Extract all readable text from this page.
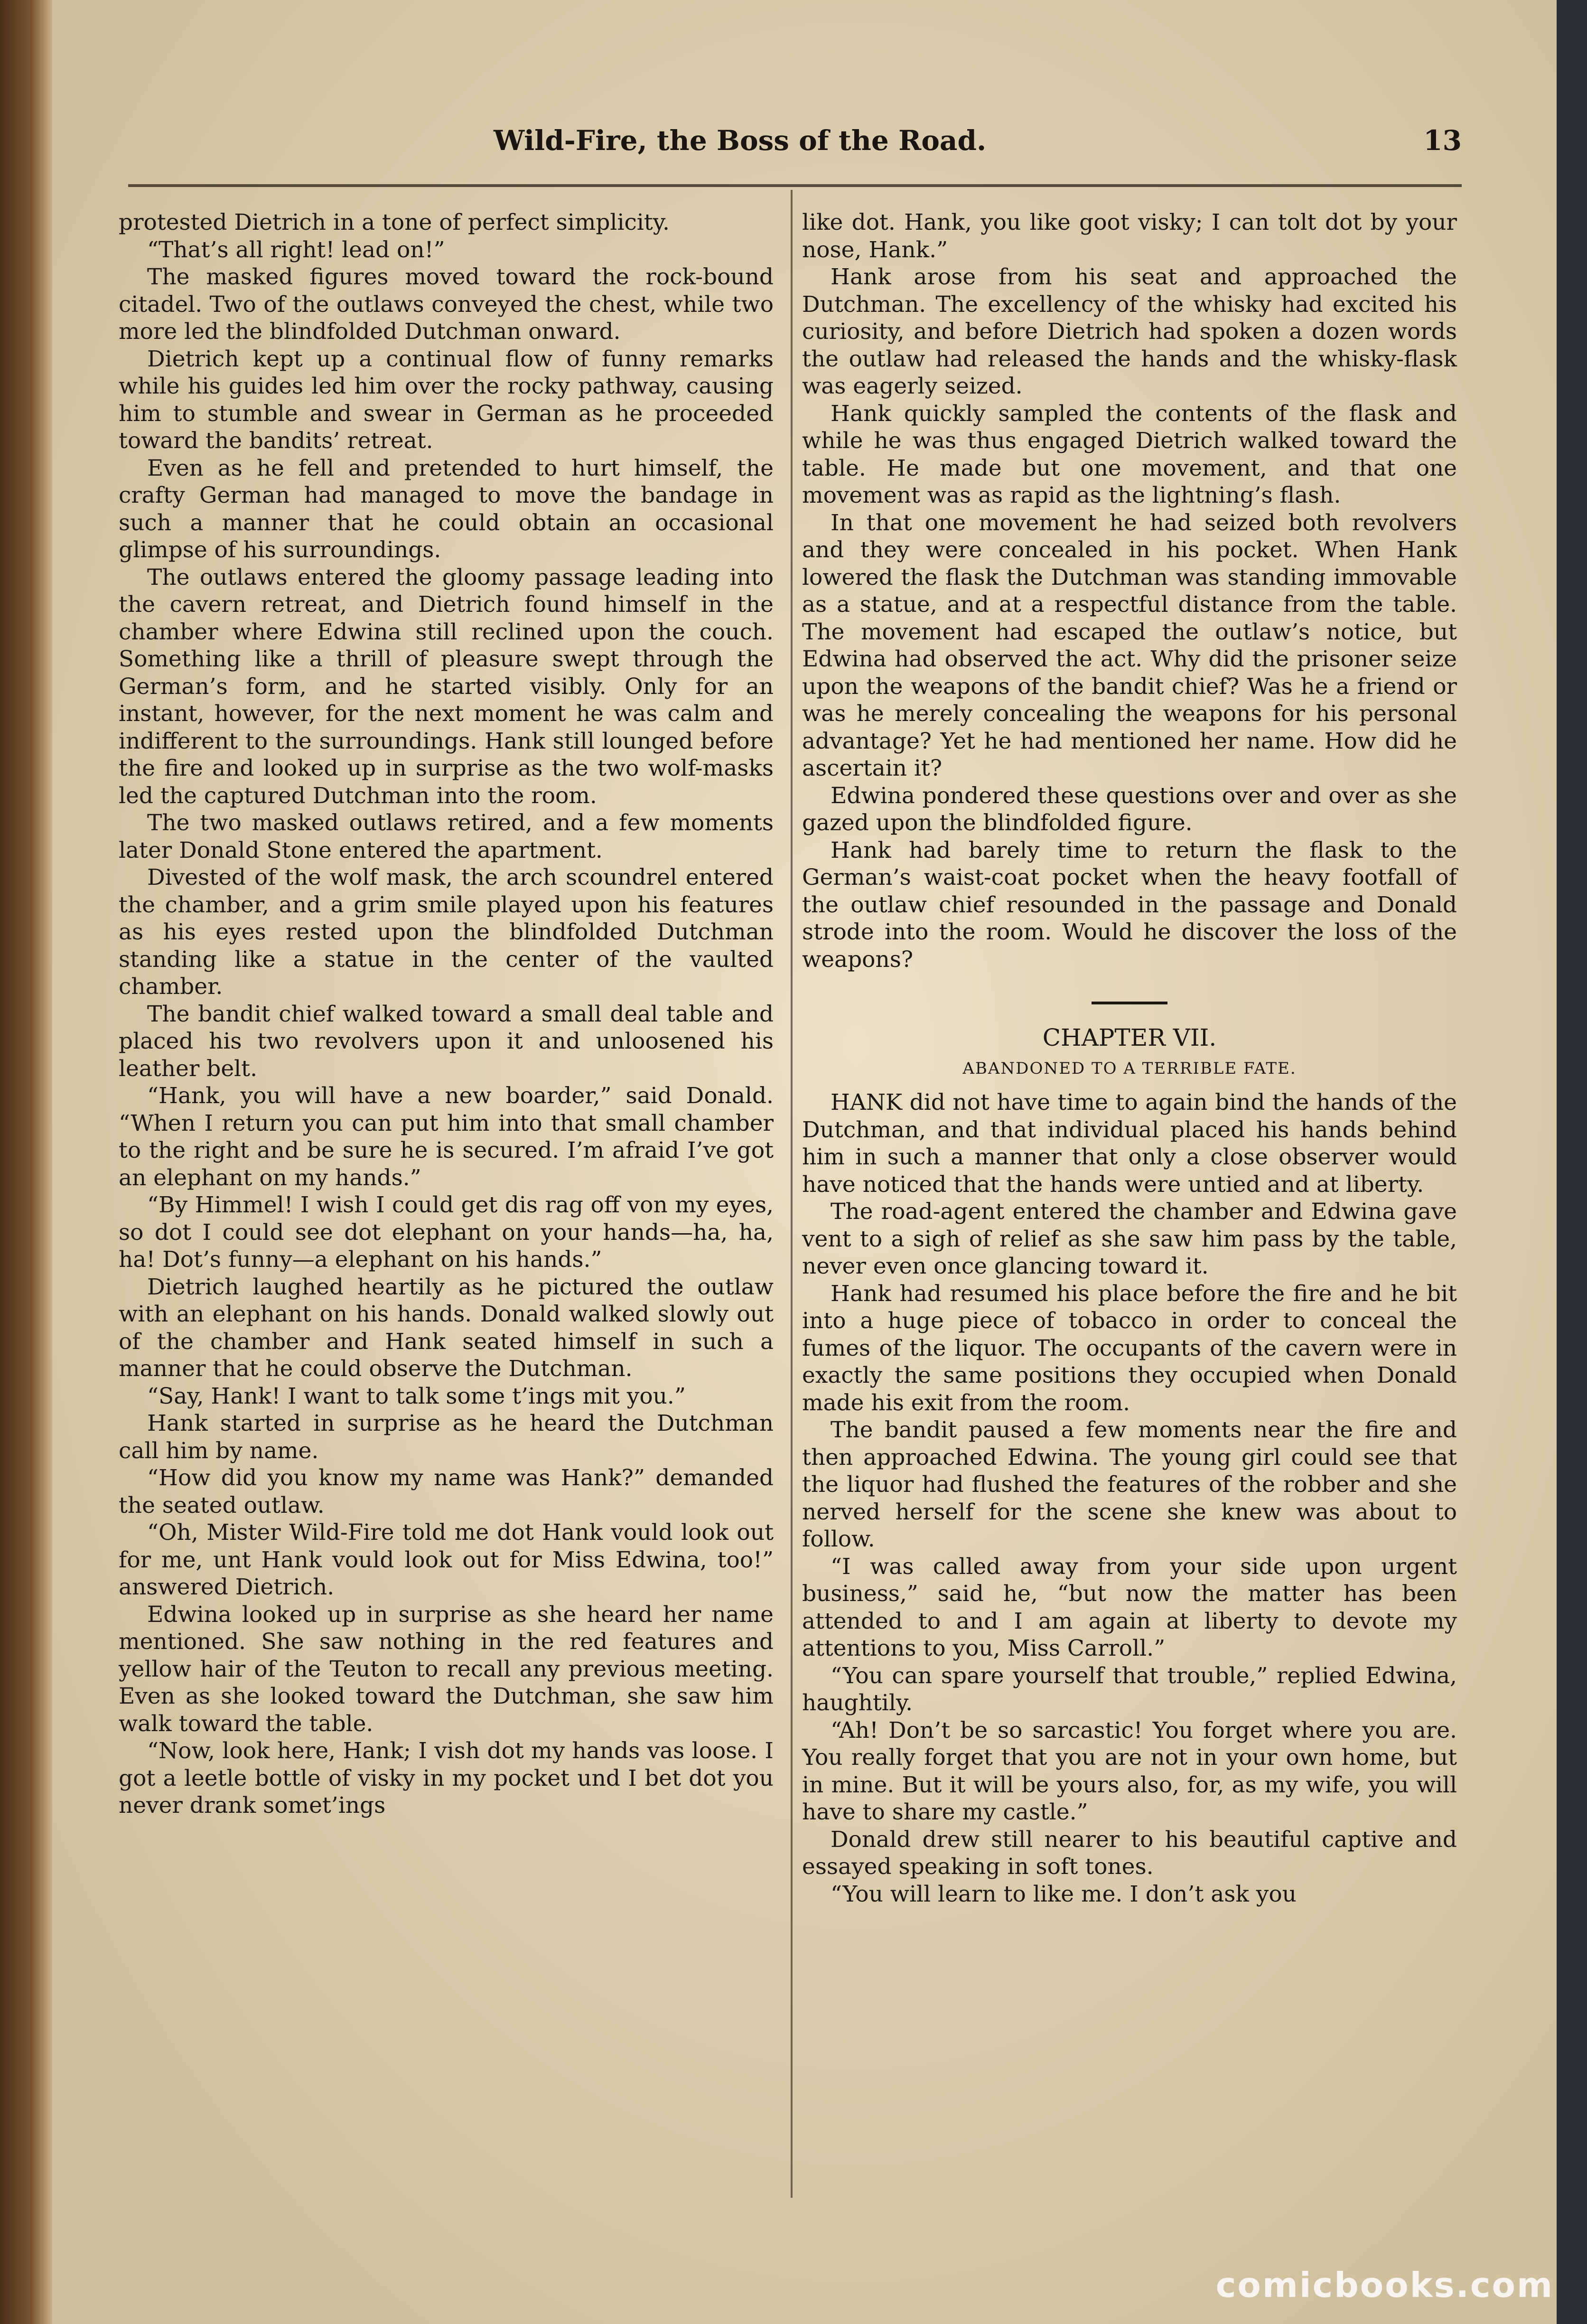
Wild-Fire, the Boss of the Road.	13

protested Dietrich in a tone of perfect simplicity.

“That’s all right! lead on!”

The masked figures moved toward the rock-bound citadel. Two of the outlaws conveyed the chest, while two more led the blindfolded Dutchman onward.

Dietrich kept up a continual flow of funny remarks while his guides led him over the rocky pathway, causing him to stumble and swear in German as he proceeded toward the bandits’ retreat.

Even as he fell and pretended to hurt himself, the crafty German had managed to move the bandage in such a manner that he could obtain an occasional glimpse of his surroundings.

The outlaws entered the gloomy passage leading into the cavern retreat, and Dietrich found himself in the chamber where Edwina still reclined upon the couch. Something like a thrill of pleasure swept through the German’s form, and he started visibly. Only for an instant, however, for the next moment he was calm and indifferent to the surroundings. Hank still lounged before the fire and looked up in surprise as the two wolf-masks led the captured Dutchman into the room.

The two masked outlaws retired, and a few moments later Donald Stone entered the apartment.

Divested of the wolf mask, the arch scoundrel entered the chamber, and a grim smile played upon his features as his eyes rested upon the blindfolded Dutchman standing like a statue in the center of the vaulted chamber.

The bandit chief walked toward a small deal table and placed his two revolvers upon it and unloosened his leather belt.

“Hank, you will have a new boarder,” said Donald. “When I return you can put him into that small chamber to the right and be sure he is secured. I’m afraid I’ve got an elephant on my hands.”

“By Himmel! I wish I could get dis rag off von my eyes, so dot I could see dot elephant on your hands—ha, ha, ha! Dot’s funny—a elephant on his hands.”

Dietrich laughed heartily as he pictured the outlaw with an elephant on his hands. Donald walked slowly out of the chamber and Hank seated himself in such a manner that he could observe the Dutchman.

“Say, Hank! I want to talk some t’ings mit you.”

Hank started in surprise as he heard the Dutchman call him by name.

“How did you know my name was Hank?” demanded the seated outlaw.

“Oh, Mister Wild-Fire told me dot Hank vould look out for me, unt Hank vould look out for Miss Edwina, too!” answered Dietrich.

Edwina looked up in surprise as she heard her name mentioned. She saw nothing in the red features and yellow hair of the Teuton to recall any previous meeting. Even as she looked toward the Dutchman, she saw him walk toward the table.

“Now, look here, Hank; I vish dot my hands vas loose. I got a leetle bottle of visky in my pocket und I bet dot you never drank somet’ings

like dot. Hank, you like goot visky; I can tolt dot by your nose, Hank.”

Hank arose from his seat and approached the Dutchman. The excellency of the whisky had excited his curiosity, and before Dietrich had spoken a dozen words the outlaw had released the hands and the whisky-flask was eagerly seized.

Hank quickly sampled the contents of the flask and while he was thus engaged Dietrich walked toward the table. He made but one movement, and that one movement was as rapid as the lightning’s flash.

In that one movement he had seized both revolvers and they were concealed in his pocket. When Hank lowered the flask the Dutchman was standing immovable as a statue, and at a respectful distance from the table. The movement had escaped the outlaw’s notice, but Edwina had observed the act. Why did the prisoner seize upon the weapons of the bandit chief? Was he a friend or was he merely concealing the weapons for his personal advantage? Yet he had mentioned her name. How did he ascertain it?

Edwina pondered these questions over and over as she gazed upon the blindfolded figure.

Hank had barely time to return the flask to the German’s waist-coat pocket when the heavy footfall of the outlaw chief resounded in the passage and Donald strode into the room. Would he discover the loss of the weapons?

CHAPTER VII.

ABANDONED TO A TERRIBLE FATE.

HANK did not have time to again bind the hands of the Dutchman, and that individual placed his hands behind him in such a manner that only a close observer would have noticed that the hands were untied and at liberty.

The road-agent entered the chamber and Edwina gave vent to a sigh of relief as she saw him pass by the table, never even once glancing toward it.

Hank had resumed his place before the fire and he bit into a huge piece of tobacco in order to conceal the fumes of the liquor. The occupants of the cavern were in exactly the same positions they occupied when Donald made his exit from the room.

The bandit paused a few moments near the fire and then approached Edwina. The young girl could see that the liquor had flushed the features of the robber and she nerved herself for the scene she knew was about to follow.

“I was called away from your side upon urgent business,” said he, “but now the matter has been attended to and I am again at liberty to devote my attentions to you, Miss Carroll.”

“You can spare yourself that trouble,” replied Edwina, haughtily.

“Ah! Don’t be so sarcastic! You forget where you are. You really forget that you are not in your own home, but in mine. But it will be yours also, for, as my wife, you will have to share my castle.”

Donald drew still nearer to his beautiful captive and essayed speaking in soft tones.

“You will learn to like me. I don’t ask you

comicbooks.com
